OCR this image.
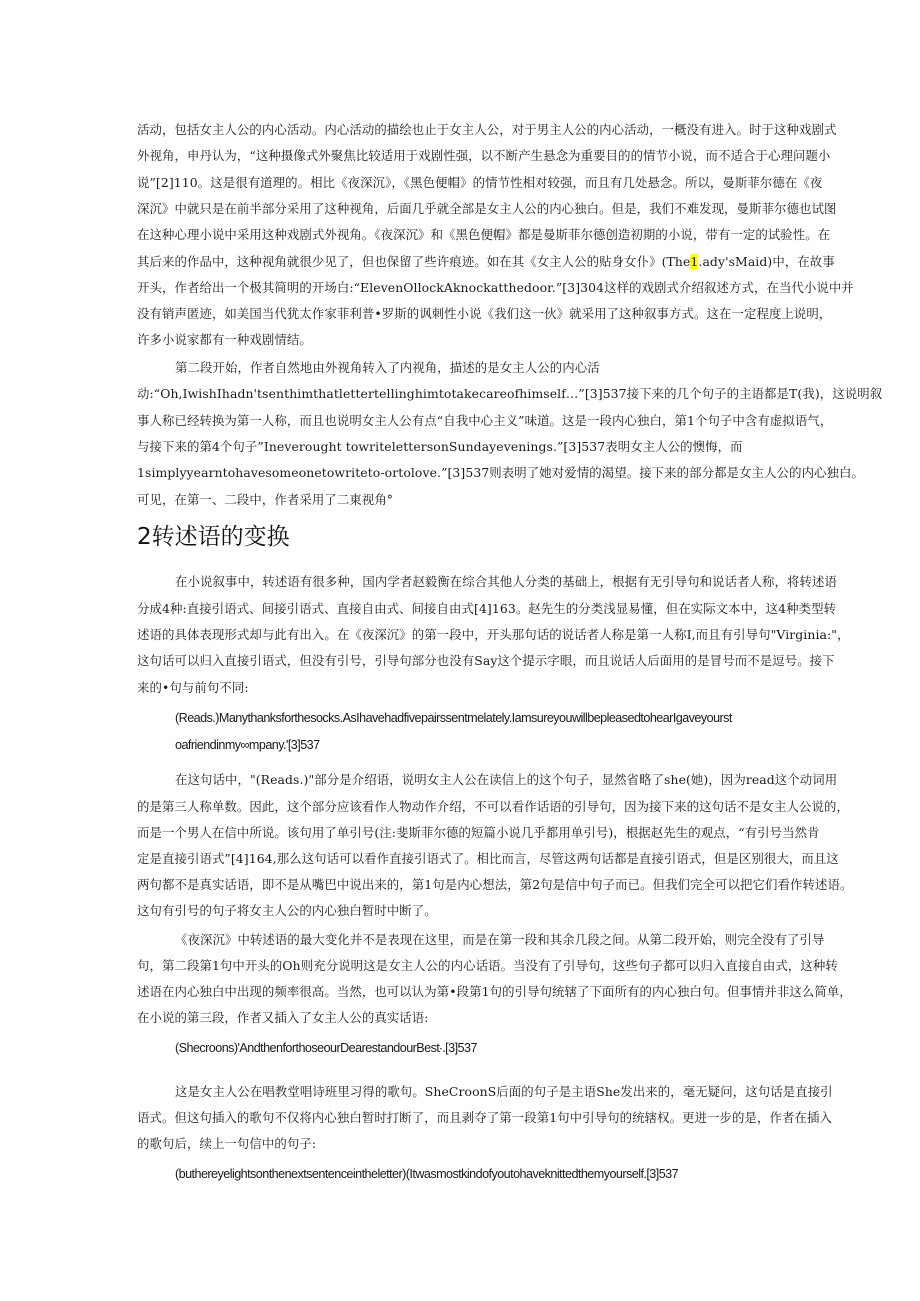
活动，包括女主人公的内心活动。内心活动的描绘也止于女主人公，对于男主人公的内心活动，一概没有进入。时于这种戏剧式
外视角，申丹认为，“这种摄像式外聚焦比较适用于戏剧性强，以不断产生悬念为重要目的的情节小说，而不适合于心理问题小
说”[2]110。这是很有道理的。相比《夜深沉》，《黑色便帽》的情节性相对较强，而且有几处悬念。所以，曼斯菲尔德在《夜
深沉》中就只是在前半部分采用了这种视角，后面几乎就全部是女主人公的内心独白。但是，我们不难发现，曼斯菲尔德也试图
在这种心理小说中采用这种戏剧式外视角。《夜深沉》和《黑色便帽》都是曼斯菲尔德创造初期的小说，带有一定的试验性。在
其后来的作品中，这种视角就很少见了，但也保留了些许痕迹。如在其《女主人公的贴身女仆》(The1.ady'sMaid)中，在故事
开头，作者给出一个极其简明的开场白:“ElevenOllockAknockatthedoor.”[3]304这样的戏剧式介绍叙述方式，在当代小说中并
没有销声匿迹，如美国当代犹太作家菲利普•罗斯的讽刺性小说《我们这一伙》就采用了这种叙事方式。这在一定程度上说明，
许多小说家都有一种戏剧情结。
第二段开始，作者自然地由外视角转入了内视角，描述的是女主人公的内心活
动:“Oh,IwishIhadn'tsenthimthatlettertellinghimtotakecareofhimself…”[3]537接下来的几个句子的主语都是T(我)，这说明叙
事人称已经转换为第一人称，而且也说明女主人公有点“自我中心主义”味道。这是一段内心独白，第1个句子中含有虚拟语气，
与接下来的第4个句子”Ineverought towritelettersonSundayevenings.”[3]537表明女主人公的懊悔，而
1simplyyearntohavesomeonetowriteto-ortolove.”[3]537则表明了她对爱情的渴望。接下来的部分都是女主人公的内心独白。
可见，在第一、二段中，作者采用了二東视角°
2转述语的变换
在小说叙事中，转述语有很多种，国内学者赵毅衡在综合其他人分类的基础上，根据有无引导句和说话者人称，将转述语
分成4种:直接引语式、间接引语式、直接自由式、间接自由式[4]163。赵先生的分类浅显易懂，但在实际文本中，这4种类型转
述语的具体表现形式却与此有出入。在《夜深沉》的第一段中，开头那句话的说话者人称是第一人称I,而且有引导句"Virginia:"，
这句话可以归入直接引语式，但没有引号，引导句部分也没有Say这个提示字眼，而且说话人后面用的是冒号而不是逗号。接下
来的•句与前句不同:
(Reads.)Manythanksforthesocks.AsIhavehadfivepairssentmelately.IamsureyouwillbepleasedtohearIgaveyourst
oafriendinmy∞mpany.'[3]537
在这句话中，"(Reads.)"部分是介绍语，说明女主人公在读信上的这个句子，显然省略了she(她)，因为read这个动词用
的是第三人称单数。因此，这个部分应该看作人物动作介绍，不可以看作话语的引导句，因为接下来的这句话不是女主人公说的，
而是一个男人在信中所说。该句用了单引号(注:斐斯菲尔德的短篇小说几乎都用单引号)，根据赵先生的观点，“有引号当然肯
定是直接引语式”[4]164,那么这句话可以看作直接引语式了。相比而言，尽管这两句话都是直接引语式，但是区别很大，而且这
两句都不是真实话语，即不是从嘴巴中说出来的，第1句是内心想法，第2句是信中句子而已。但我们完全可以把它们看作转述语。
这句有引号的句子将女主人公的内心独白暂时中断了。
《夜深沉》中转述语的最大变化并不是表现在这里，而是在第一段和其余几段之间。从第二段开始，则完全没有了引导
句，第二段第1句中开头的Oh则充分说明这是女主人公的内心话语。当没有了引导句，这些句子都可以归入直接自由式，这种转
述语在内心独白中出现的频率很高。当然，也可以认为第•段第1句的引导句统辖了下面所有的内心独白句。但事情并非这么简单，
在小说的第三段，作者又插入了女主人公的真实话语:
(Shecroons)'AndthenforthoseourDearestandourBest∙.[3]537
这是女主人公在唱教堂唱诗班里习得的歌句。SheCroonS后面的句子是主语She发出来的，毫无疑问，这句话是直接引
语式。但这句插入的歌句不仅将内心独白暂时打断了，而且剥夺了第一段第1句中引导句的统辖权。更进一步的是，作者在插入
的歌句后，续上一句信中的句子:
(buthereyelightsonthenextsentenceintheletter)(Itwasmostkindofyoutohaveknittedthemyourself.[3]537
